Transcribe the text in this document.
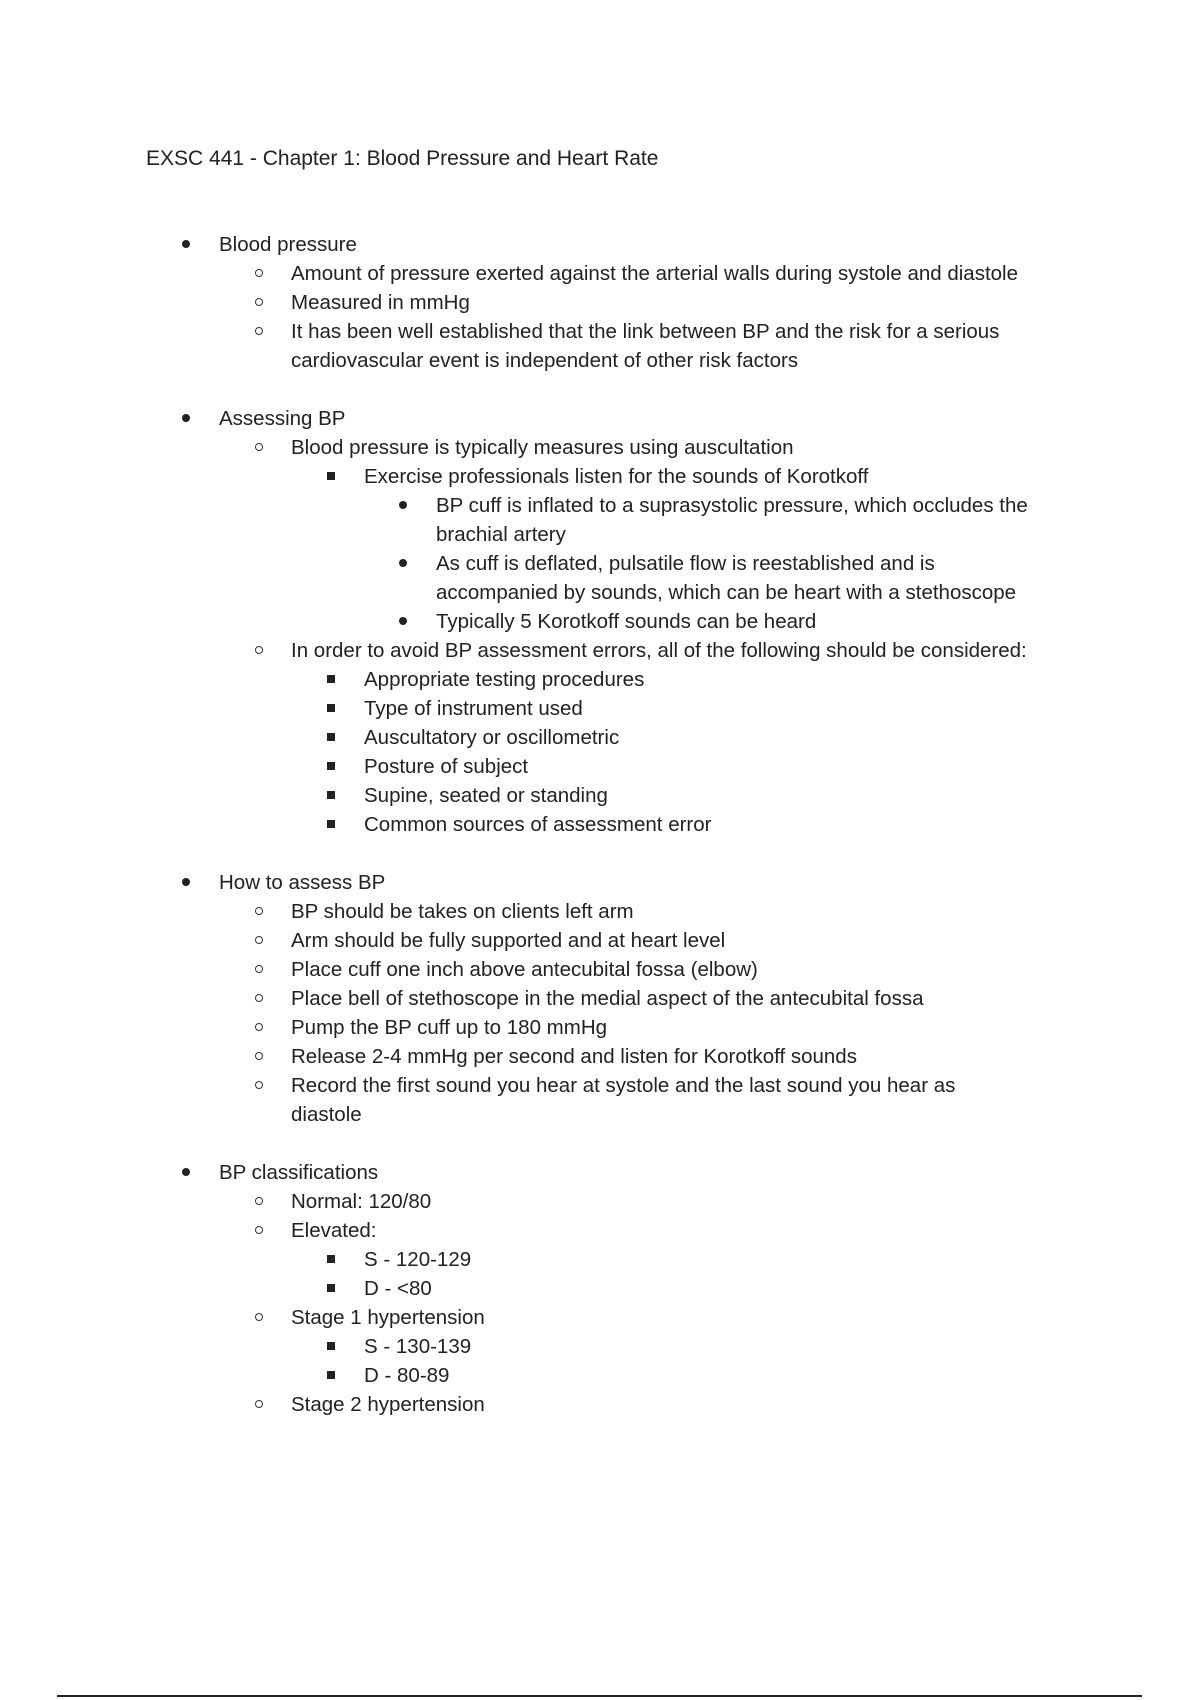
EXSC 441 - Chapter 1: Blood Pressure and Heart Rate
Blood pressure
Amount of pressure exerted against the arterial walls during systole and diastole
Measured in mmHg
It has been well established that the link between BP and the risk for a serious
cardiovascular event is independent of other risk factors
Assessing BP
Blood pressure is typically measures using auscultation
Exercise professionals listen for the sounds of Korotkoff
BP cuff is inflated to a suprasystolic pressure, which occludes the
brachial artery
As cuff is deflated, pulsatile flow is reestablished and is
accompanied by sounds, which can be heart with a stethoscope
Typically 5 Korotkoff sounds can be heard
In order to avoid BP assessment errors, all of the following should be considered:
Appropriate testing procedures
Type of instrument used
Auscultatory or oscillometric
Posture of subject
Supine, seated or standing
Common sources of assessment error
How to assess BP
BP should be takes on clients left arm
Arm should be fully supported and at heart level
Place cuff one inch above antecubital fossa (elbow)
Place bell of stethoscope in the medial aspect of the antecubital fossa
Pump the BP cuff up to 180 mmHg
Release 2-4 mmHg per second and listen for Korotkoff sounds
Record the first sound you hear at systole and the last sound you hear as
diastole
BP classifications
Normal: 120/80
Elevated:
S - 120-129
D - <80
Stage 1 hypertension
S - 130-139
D - 80-89
Stage 2 hypertension
